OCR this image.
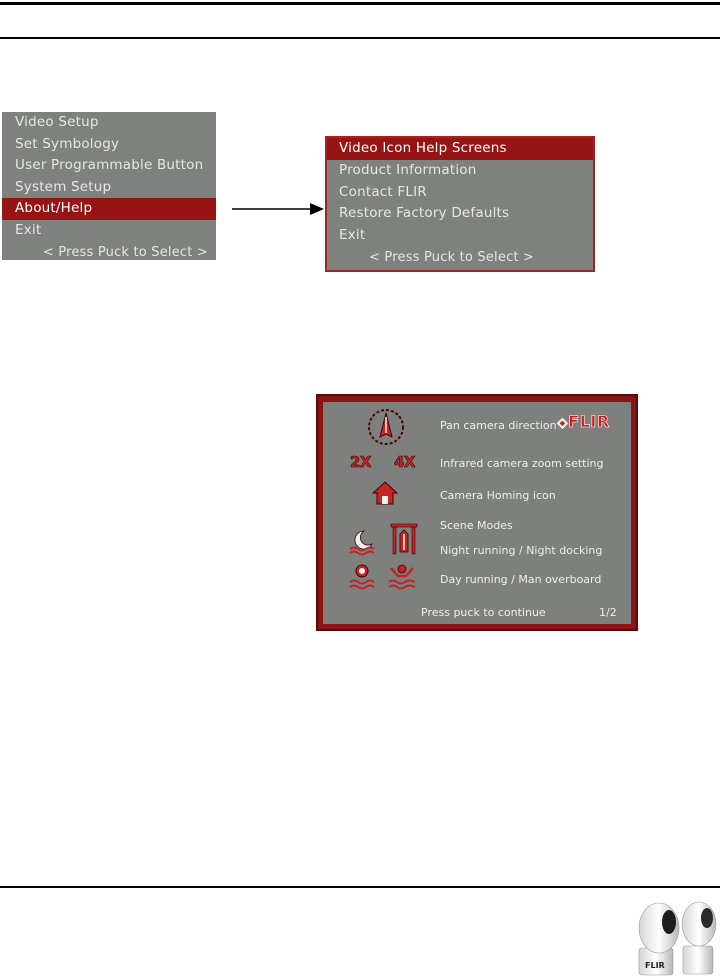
Video Setup
Set Symbology
User Programmable Button
System Setup
About/Help
Exit
< Press Puck to Select >
Video Icon Help Screens
Product Information
Contact FLIR
Restore Factory Defaults
Exit
< Press Puck to Select >
Pan camera direction ◈FLIR
2X 4X Infrared camera zoom setting
Camera Homing icon
Scene Modes
Night running / Night docking
Day running / Man overboard
Press puck to continue	1/2
FLIR
